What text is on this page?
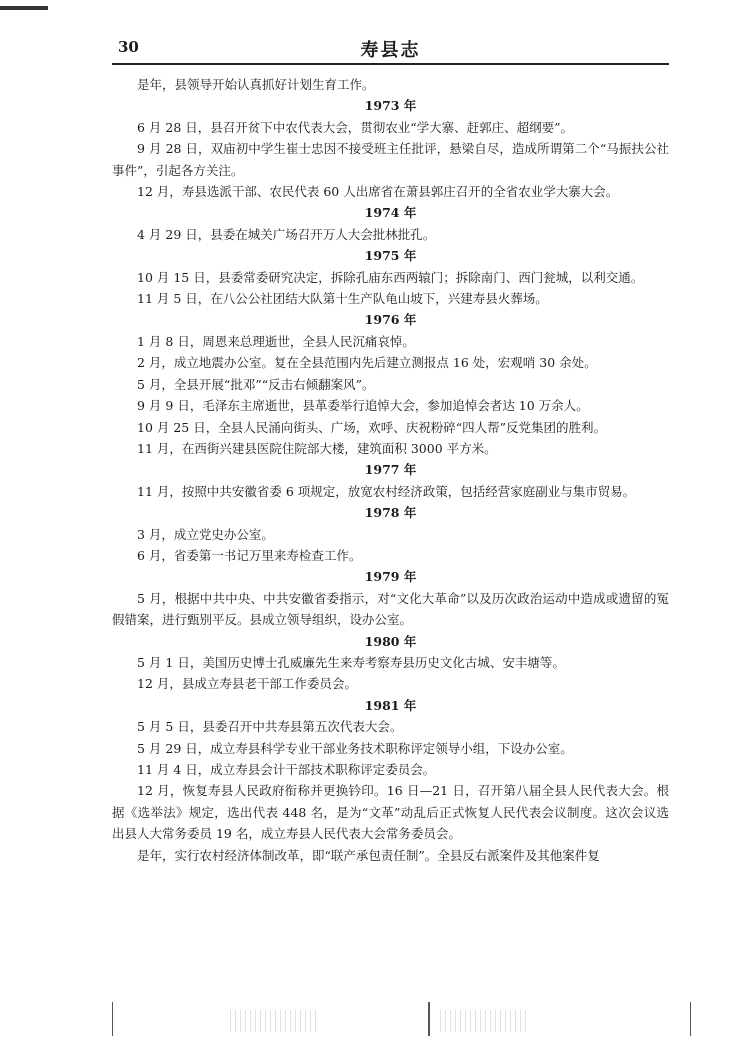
30	寿县志

是年，县领导开始认真抓好计划生育工作。

1973 年

6 月 28 日，县召开贫下中农代表大会，贯彻农业“学大寨、赶郭庄、超纲要”。

9 月 28 日，双庙初中学生崔士忠因不接受班主任批评，悬梁自尽，造成所谓第二个“马振扶公社事件”，引起各方关注。

12 月，寿县选派干部、农民代表 60 人出席省在萧县郭庄召开的全省农业学大寨大会。

1974 年

4 月 29 日，县委在城关广场召开万人大会批林批孔。

1975 年

10 月 15 日，县委常委研究决定，拆除孔庙东西两辕门；拆除南门、西门瓮城，以利交通。

11 月 5 日，在八公公社团结大队第十生产队龟山坡下，兴建寿县火葬场。

1976 年

1 月 8 日，周恩来总理逝世，全县人民沉痛哀悼。

2 月，成立地震办公室。复在全县范围内先后建立测报点 16 处，宏观哨 30 余处。

5 月，全县开展“批邓”“反击右倾翻案风”。

9 月 9 日，毛泽东主席逝世，县革委举行追悼大会，参加追悼会者达 10 万余人。

10 月 25 日，全县人民涌向街头、广场，欢呼、庆祝粉碎“四人帮”反党集团的胜利。

11 月，在西街兴建县医院住院部大楼，建筑面积 3000 平方米。

1977 年

11 月，按照中共安徽省委 6 项规定，放宽农村经济政策，包括经营家庭副业与集市贸易。

1978 年

3 月，成立党史办公室。

6 月，省委第一书记万里来寿检查工作。

1979 年

5 月，根据中共中央、中共安徽省委指示，对“文化大革命”以及历次政治运动中造成或遗留的冤假错案，进行甄别平反。县成立领导组织，设办公室。

1980 年

5 月 1 日，美国历史博士孔威廉先生来寿考察寿县历史文化古城、安丰塘等。

12 月，县成立寿县老干部工作委员会。

1981 年

5 月 5 日，县委召开中共寿县第五次代表大会。

5 月 29 日，成立寿县科学专业干部业务技术职称评定领导小组，下设办公室。

11 月 4 日，成立寿县会计干部技术职称评定委员会。

12 月，恢复寿县人民政府衔称并更换钤印。16 日—21 日，召开第八届全县人民代表大会。根据《选举法》规定，选出代表 448 名，是为“文革”动乱后正式恢复人民代表会议制度。这次会议选出县人大常务委员 19 名，成立寿县人民代表大会常务委员会。

是年，实行农村经济体制改革，即“联产承包责任制”。全县反右派案件及其他案件复
